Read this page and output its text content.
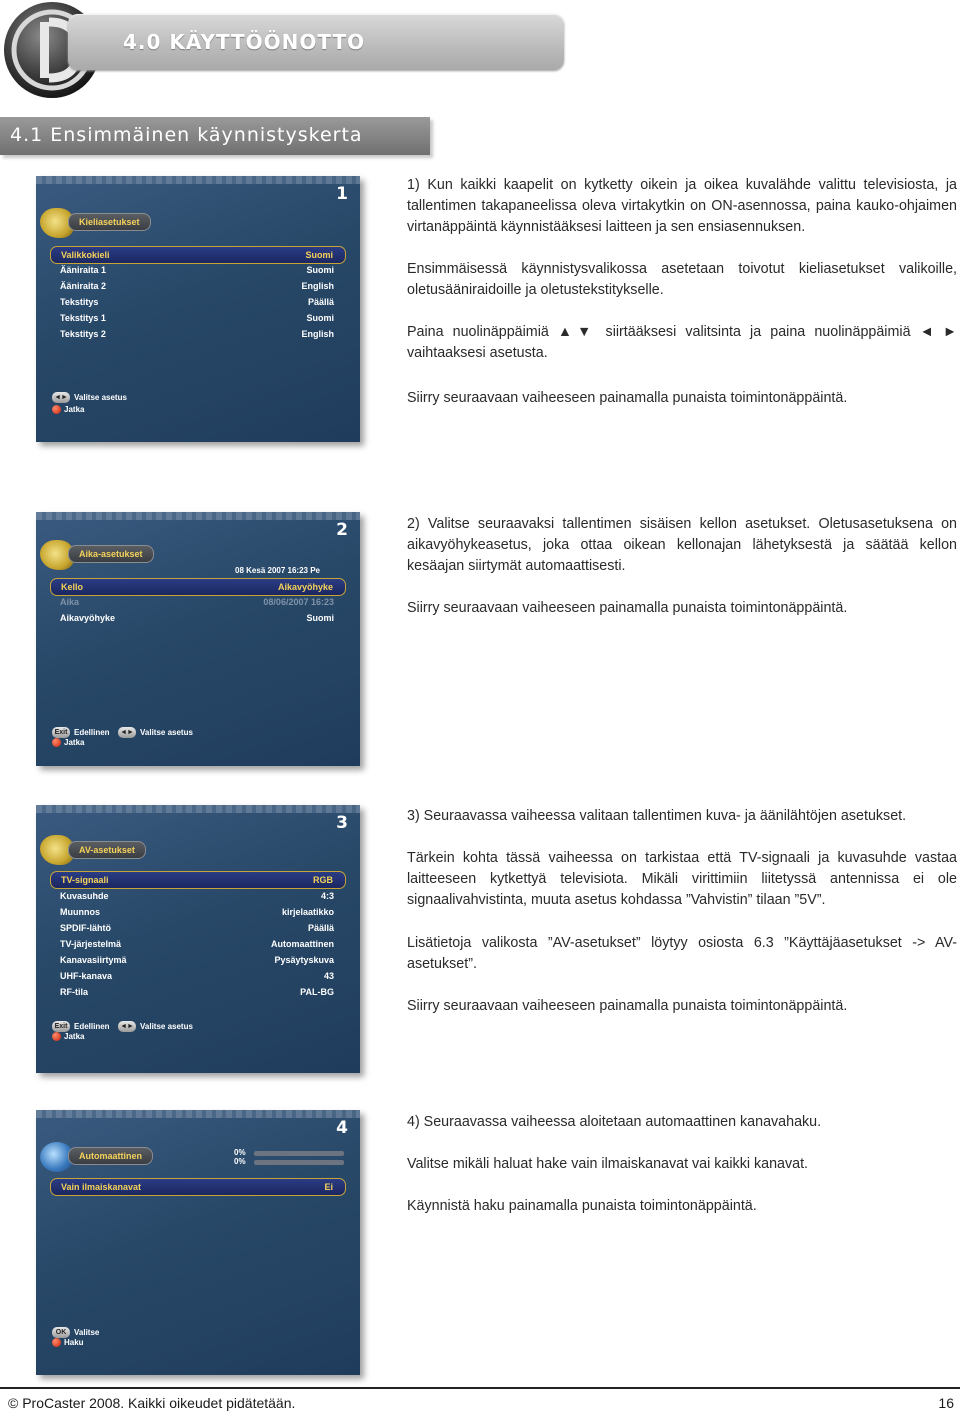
4.0 KÄYTTÖÖNOTTO
4.1 Ensimmäinen käynnistyskerta
1
Kieliasetukset
Valikkokieli	Suomi
Ääniraita 1	Suomi
Ääniraita 2	English
Tekstitys	Päällä
Tekstitys 1	Suomi
Tekstitys 2	English
◄► Valitse asetus
Jatka
2
Aika-asetukset
08 Kesä 2007 16:23 Pe
Kello	Aikavyöhyke
Aika	08/06/2007 16:23
Aikavyöhyke	Suomi
Exit Edellinen ◄► Valitse asetus
Jatka
3
AV-asetukset
TV-signaali	RGB
Kuvasuhde	4:3
Muunnos	kirjelaatikko
SPDIF-lähtö	Päällä
TV-järjestelmä	Automaattinen
Kanavasiirtymä	Pysäytyskuva
UHF-kanava	43
RF-tila	PAL-BG
Exit Edellinen ◄► Valitse asetus
Jatka
4
Automaattinen	0%
0%
Vain ilmaiskanavat	Ei
OK Valitse
Haku

1) Kun kaikki kaapelit on kytketty oikein ja oikea kuvalähde valittu televisiosta, ja tallentimen takapaneelissa oleva virtakytkin on ON-asennossa, paina kauko-ohjaimen virtanäppäintä käynnistääksesi laitteen ja sen ensiasennuksen.

Ensimmäisessä käynnistysvalikossa asetetaan toivotut kieliasetukset valikoille, oletusääniraidoille ja oletustekstitykselle.

Paina nuolinäppäimiä ▲▼ siirtääksesi valitsinta ja paina nuolinäppäimiä ◄ ► vaihtaaksesi asetusta.

Siirry seuraavaan vaiheeseen painamalla punaista toimintonäppäintä.

2) Valitse seuraavaksi tallentimen sisäisen kellon asetukset. Oletusasetuksena on aikavyöhykeasetus, joka ottaa oikean kellonajan lähetyksestä ja säätää kellon kesäajan siirtymät automaattisesti.

Siirry seuraavaan vaiheeseen painamalla punaista toimintonäppäintä.

3) Seuraavassa vaiheessa valitaan tallentimen kuva- ja äänilähtöjen asetukset.

Tärkein kohta tässä vaiheessa on tarkistaa että TV-signaali ja kuvasuhde vastaa laitteeseen kytkettyä televisiota. Mikäli virittimiin liitetyssä antennissa ei ole signaalivahvistinta, muuta asetus kohdassa ”Vahvistin” tilaan ”5V”.

Lisätietoja valikosta ”AV-asetukset” löytyy osiosta 6.3 ”Käyttäjäasetukset -> AV-asetukset”.

Siirry seuraavaan vaiheeseen painamalla punaista toimintonäppäintä.

4) Seuraavassa vaiheessa aloitetaan automaattinen kanavahaku.

Valitse mikäli haluat hake vain ilmaiskanavat vai kaikki kanavat.

Käynnistä haku painamalla punaista toimintonäppäintä.

© ProCaster 2008. Kaikki oikeudet pidätetään.	16
